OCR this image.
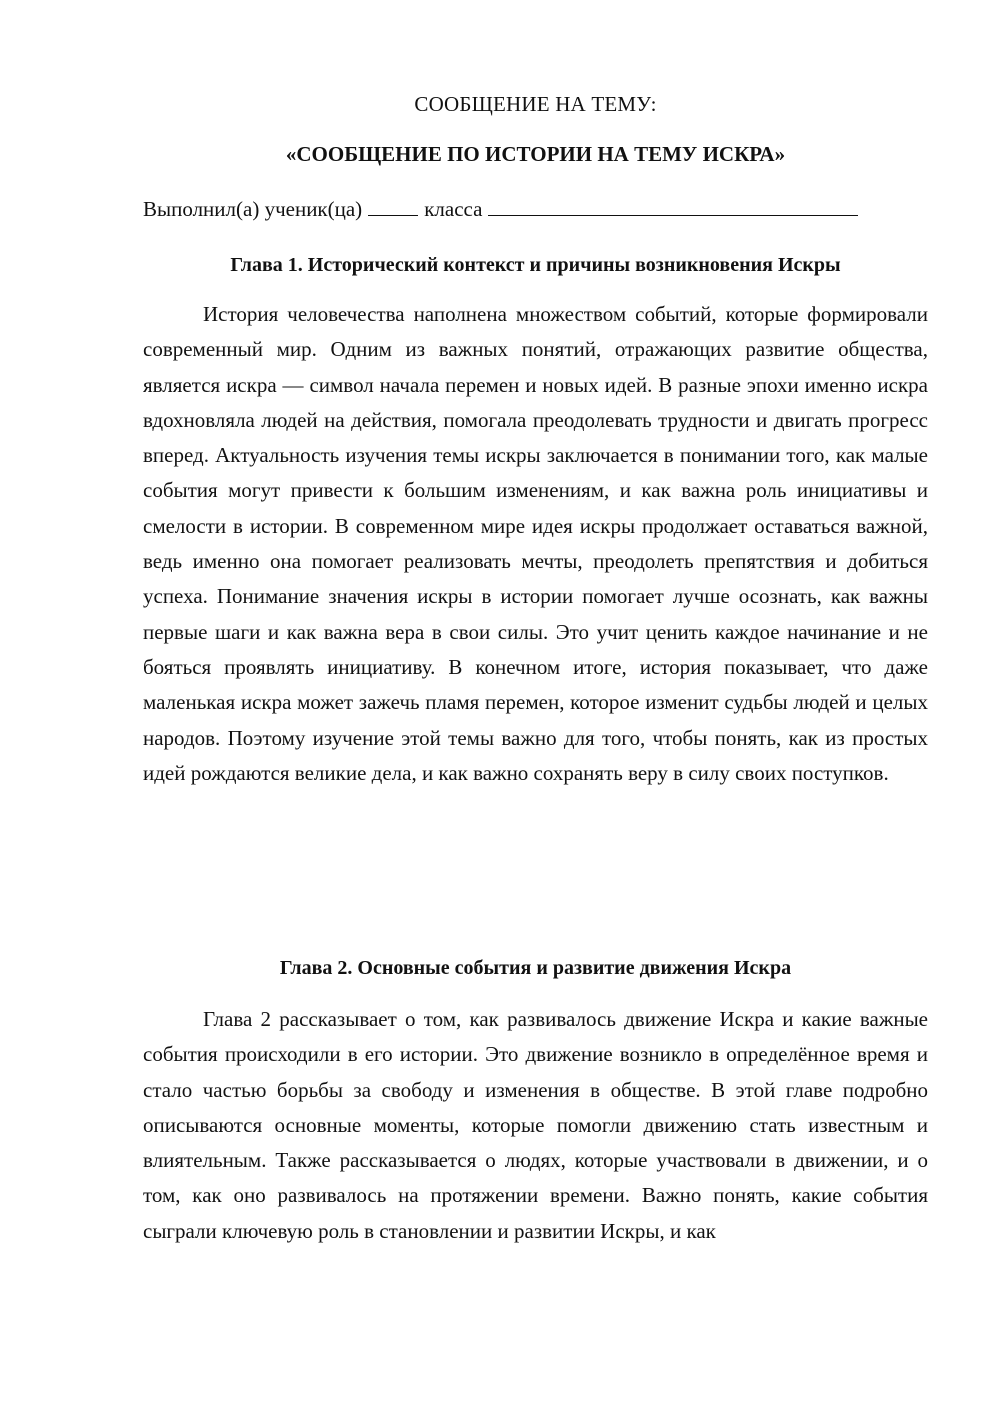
СООБЩЕНИЕ НА ТЕМУ:
«СООБЩЕНИЕ ПО ИСТОРИИ НА ТЕМУ ИСКРА»
Выполнил(а) ученик(ца)	класса
Глава 1. Исторический контекст и причины возникновения Искры
История человечества наполнена множеством событий, которые формировали современный мир. Одним из важных понятий, отражающих развитие общества, является искра — символ начала перемен и новых идей. В разные эпохи именно искра вдохновляла людей на действия, помогала преодолевать трудности и двигать прогресс вперед. Актуальность изучения темы искры заключается в понимании того, как малые события могут привести к большим изменениям, и как важна роль инициативы и смелости в истории. В современном мире идея искры продолжает оставаться важной, ведь именно она помогает реализовать мечты, преодолеть препятствия и добиться успеха. Понимание значения искры в истории помогает лучше осознать, как важны первые шаги и как важна вера в свои силы. Это учит ценить каждое начинание и не бояться проявлять инициативу. В конечном итоге, история показывает, что даже маленькая искра может зажечь пламя перемен, которое изменит судьбы людей и целых народов. Поэтому изучение этой темы важно для того, чтобы понять, как из простых идей рождаются великие дела, и как важно сохранять веру в силу своих поступков.
Глава 2. Основные события и развитие движения Искра
Глава 2 рассказывает о том, как развивалось движение Искра и какие важные события происходили в его истории. Это движение возникло в определённое время и стало частью борьбы за свободу и изменения в обществе. В этой главе подробно описываются основные моменты, которые помогли движению стать известным и влиятельным. Также рассказывается о людях, которые участвовали в движении, и о том, как оно развивалось на протяжении времени. Важно понять, какие события сыграли ключевую роль в становлении и развитии Искры, и как
